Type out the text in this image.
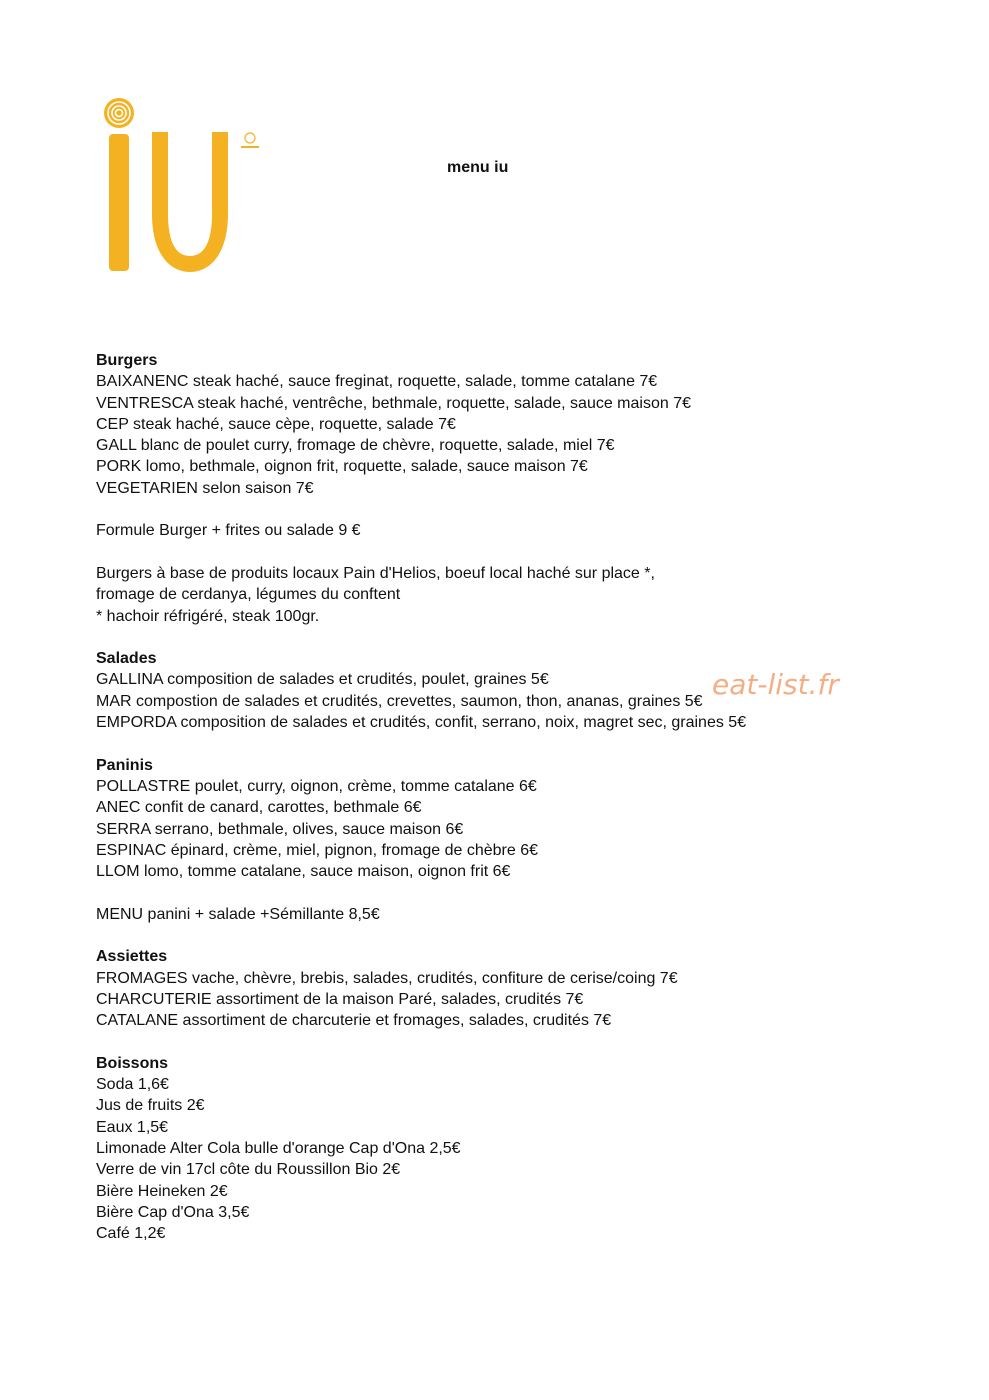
menu iu
Burgers
BAIXANENC steak haché, sauce freginat, roquette, salade, tomme catalane 7€
VENTRESCA steak haché, ventrêche, bethmale, roquette, salade, sauce maison 7€
CEP steak haché, sauce cèpe, roquette, salade 7€
GALL blanc de poulet curry, fromage de chèvre, roquette, salade, miel 7€
PORK lomo, bethmale, oignon frit, roquette, salade, sauce maison 7€
VEGETARIEN selon saison 7€
Formule Burger + frites ou salade 9 €
Burgers à base de produits locaux Pain d'Helios, boeuf local haché sur place *,
fromage de cerdanya, légumes du conftent
* hachoir réfrigéré, steak 100gr.
Salades
GALLINA composition de salades et crudités, poulet, graines 5€
MAR compostion de salades et crudités, crevettes, saumon, thon, ananas, graines 5€
EMPORDA composition de salades et crudités, confit, serrano, noix, magret sec, graines 5€
Paninis
POLLASTRE poulet, curry, oignon, crème, tomme catalane 6€
ANEC confit de canard, carottes, bethmale 6€
SERRA serrano, bethmale, olives, sauce maison 6€
ESPINAC épinard, crème, miel, pignon, fromage de chèbre 6€
LLOM lomo, tomme catalane, sauce maison, oignon frit 6€
MENU panini + salade +Sémillante 8,5€
Assiettes
FROMAGES vache, chèvre, brebis, salades, crudités, confiture de cerise/coing 7€
CHARCUTERIE assortiment de la maison Paré, salades, crudités 7€
CATALANE assortiment de charcuterie et fromages, salades, crudités 7€
Boissons
Soda 1,6€
Jus de fruits 2€
Eaux 1,5€
Limonade Alter Cola bulle d'orange Cap d'Ona 2,5€
Verre de vin 17cl côte du Roussillon Bio 2€
Bière Heineken 2€
Bière Cap d'Ona 3,5€
Café 1,2€
eat-list.fr
